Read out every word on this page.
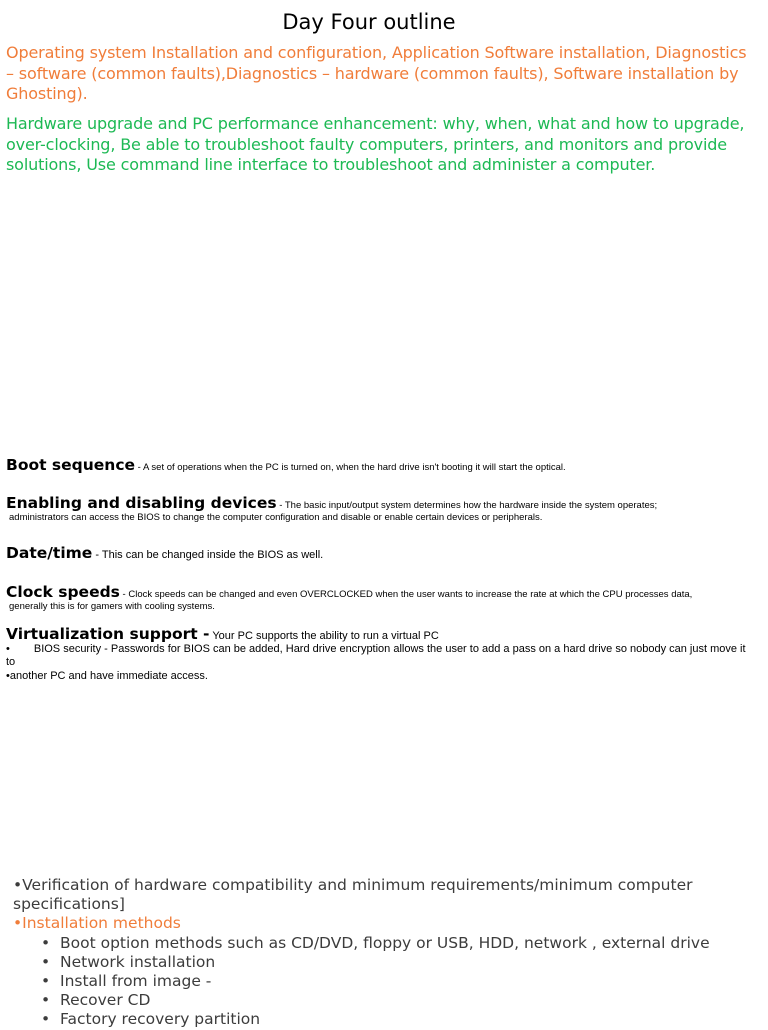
Day Four outline
Operating system Installation and configuration, Application Software installation, Diagnostics – software (common faults),Diagnostics – hardware (common faults), Software installation by Ghosting).
Hardware upgrade and PC performance enhancement: why, when, what and how to upgrade, over-clocking, Be able to troubleshoot faulty computers, printers, and monitors and provide solutions, Use command line interface to troubleshoot and administer a computer.
Boot sequence - A set of operations when the PC is turned on, when the hard drive isn't booting it will start the optical.
Enabling and disabling devices - The basic input/output system determines how the hardware inside the system operates;
administrators can access the BIOS to change the computer configuration and disable or enable certain devices or peripherals.
Date/time - This can be changed inside the BIOS as well.
Clock speeds - Clock speeds can be changed and even OVERCLOCKED when the user wants to increase the rate at which the CPU processes data,
generally this is for gamers with cooling systems.
Virtualization support - Your PC supports the ability to run a virtual PC
• BIOS security - Passwords for BIOS can be added, Hard drive encryption allows the user to add a pass on a hard drive so nobody can just move it to
•another PC and have immediate access.
•Verification of hardware compatibility and minimum requirements/minimum computer specifications]
•Installation methods
• Boot option methods such as CD/DVD, floppy or USB, HDD, network , external drive
• Network installation
• Install from image -
• Recover CD
• Factory recovery partition
